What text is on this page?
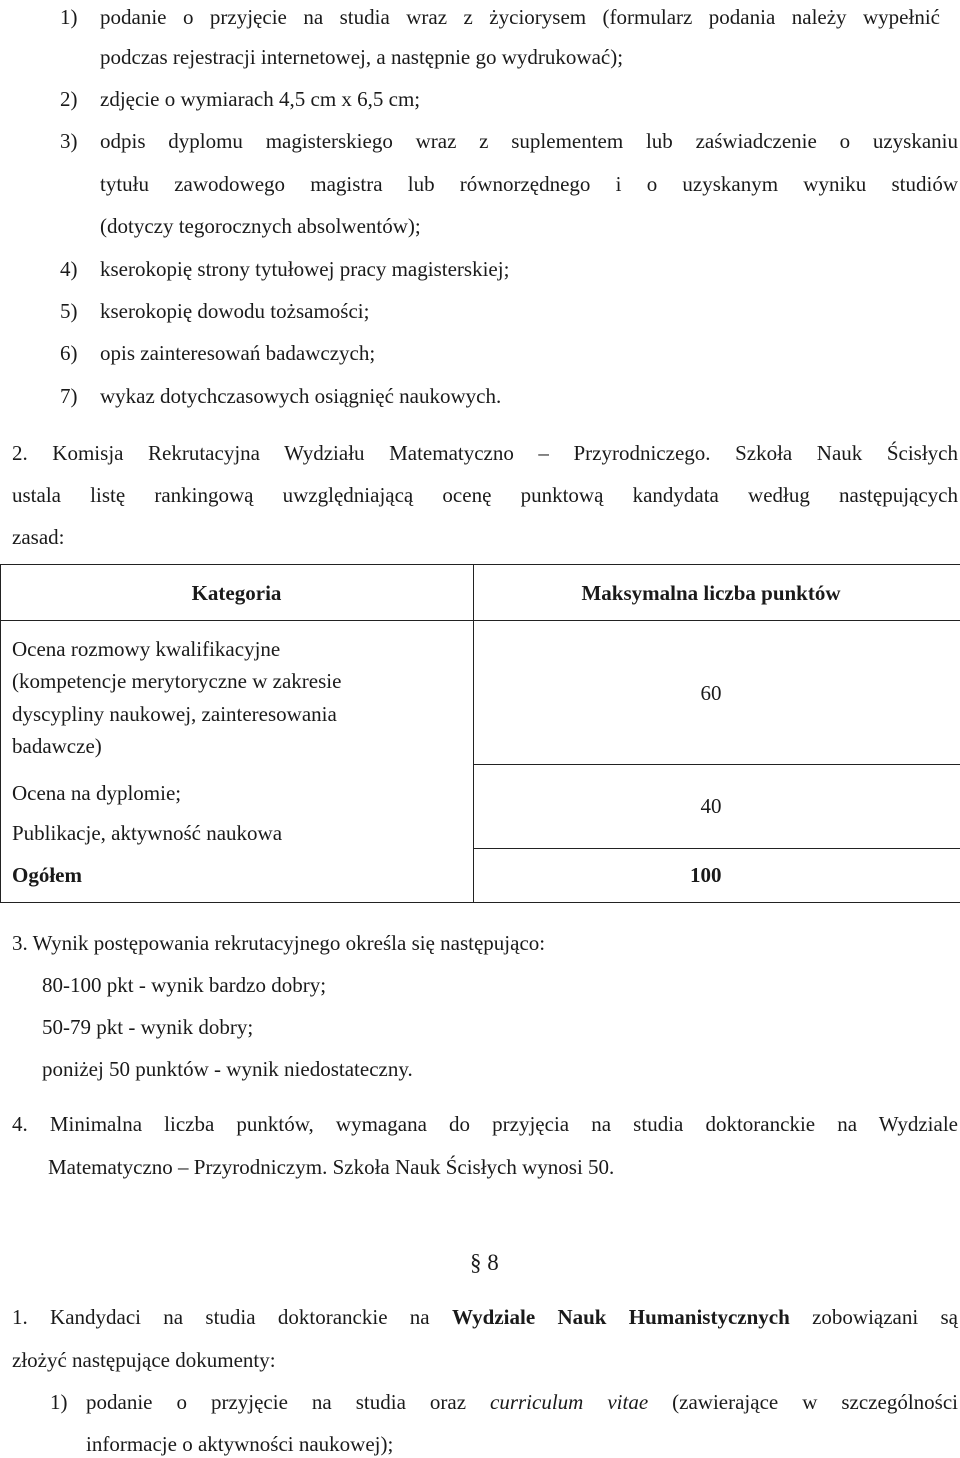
1) podanie o przyjęcie na studia wraz z życiorysem (formularz podania należy wypełnić
podczas rejestracji internetowej, a następnie go wydrukować);
2) zdjęcie o wymiarach 4,5 cm x 6,5 cm;
3) odpis dyplomu magisterskiego wraz z suplementem lub zaświadczenie o uzyskaniu
tytułu zawodowego magistra lub równorzędnego i o uzyskanym wyniku studiów
(dotyczy tegorocznych absolwentów);
4) kserokopię strony tytułowej pracy magisterskiej;
5) kserokopię dowodu tożsamości;
6) opis zainteresowań badawczych;
7) wykaz dotychczasowych osiągnięć naukowych.
2. Komisja Rekrutacyjna Wydziału Matematyczno – Przyrodniczego. Szkoła Nauk Ścisłych
ustala listę rankingową uwzględniającą ocenę punktową kandydata według następujących
zasad:
Kategoria	Maksymalna liczba punktów
Ocena rozmowy kwalifikacyjne
(kompetencje merytoryczne w zakresie
dyscypliny naukowej, zainteresowania
badawcze)
60
Ocena na dyplomie;
Publikacje, aktywność naukowa
40
Ogółem	100
3. Wynik postępowania rekrutacyjnego określa się następująco:
80-100 pkt - wynik bardzo dobry;
50-79 pkt - wynik dobry;
poniżej 50 punktów - wynik niedostateczny.
4. Minimalna liczba punktów, wymagana do przyjęcia na studia doktoranckie na Wydziale
Matematyczno – Przyrodniczym. Szkoła Nauk Ścisłych wynosi 50.
§ 8
1. Kandydaci na studia doktoranckie na Wydziale Nauk Humanistycznych zobowiązani są
złożyć następujące dokumenty:
1) podanie o przyjęcie na studia oraz curriculum vitae (zawierające w szczególności
informacje o aktywności naukowej);
